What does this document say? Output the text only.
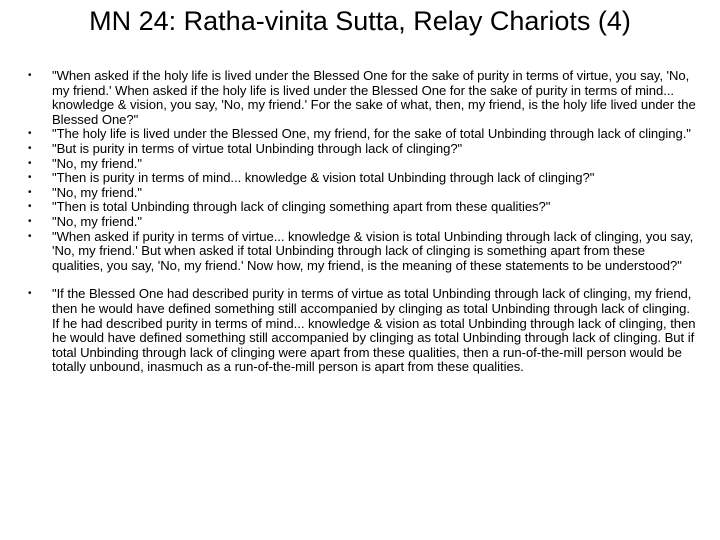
MN 24: Ratha-vinita Sutta, Relay Chariots (4)
• "When asked if the holy life is lived under the Blessed One for the sake of purity in terms of virtue, you say, 'No, my friend.' When asked if the holy life is lived under the Blessed One for the sake of purity in terms of mind... knowledge & vision, you say, 'No, my friend.' For the sake of what, then, my friend, is the holy life lived under the Blessed One?"
• "The holy life is lived under the Blessed One, my friend, for the sake of total Unbinding through lack of clinging."
• "But is purity in terms of virtue total Unbinding through lack of clinging?"
• "No, my friend."
• "Then is purity in terms of mind... knowledge & vision total Unbinding through lack of clinging?"
• "No, my friend."
• "Then is total Unbinding through lack of clinging something apart from these qualities?"
• "No, my friend."
• "When asked if purity in terms of virtue... knowledge & vision is total Unbinding through lack of clinging, you say, 'No, my friend.' But when asked if total Unbinding through lack of clinging is something apart from these qualities, you say, 'No, my friend.' Now how, my friend, is the meaning of these statements to be understood?"
• "If the Blessed One had described purity in terms of virtue as total Unbinding through lack of clinging, my friend, then he would have defined something still accompanied by clinging as total Unbinding through lack of clinging. If he had described purity in terms of mind... knowledge & vision as total Unbinding through lack of clinging, then he would have defined something still accompanied by clinging as total Unbinding through lack of clinging. But if total Unbinding through lack of clinging were apart from these qualities, then a run-of-the-mill person would be totally unbound, inasmuch as a run-of-the-mill person is apart from these qualities.
